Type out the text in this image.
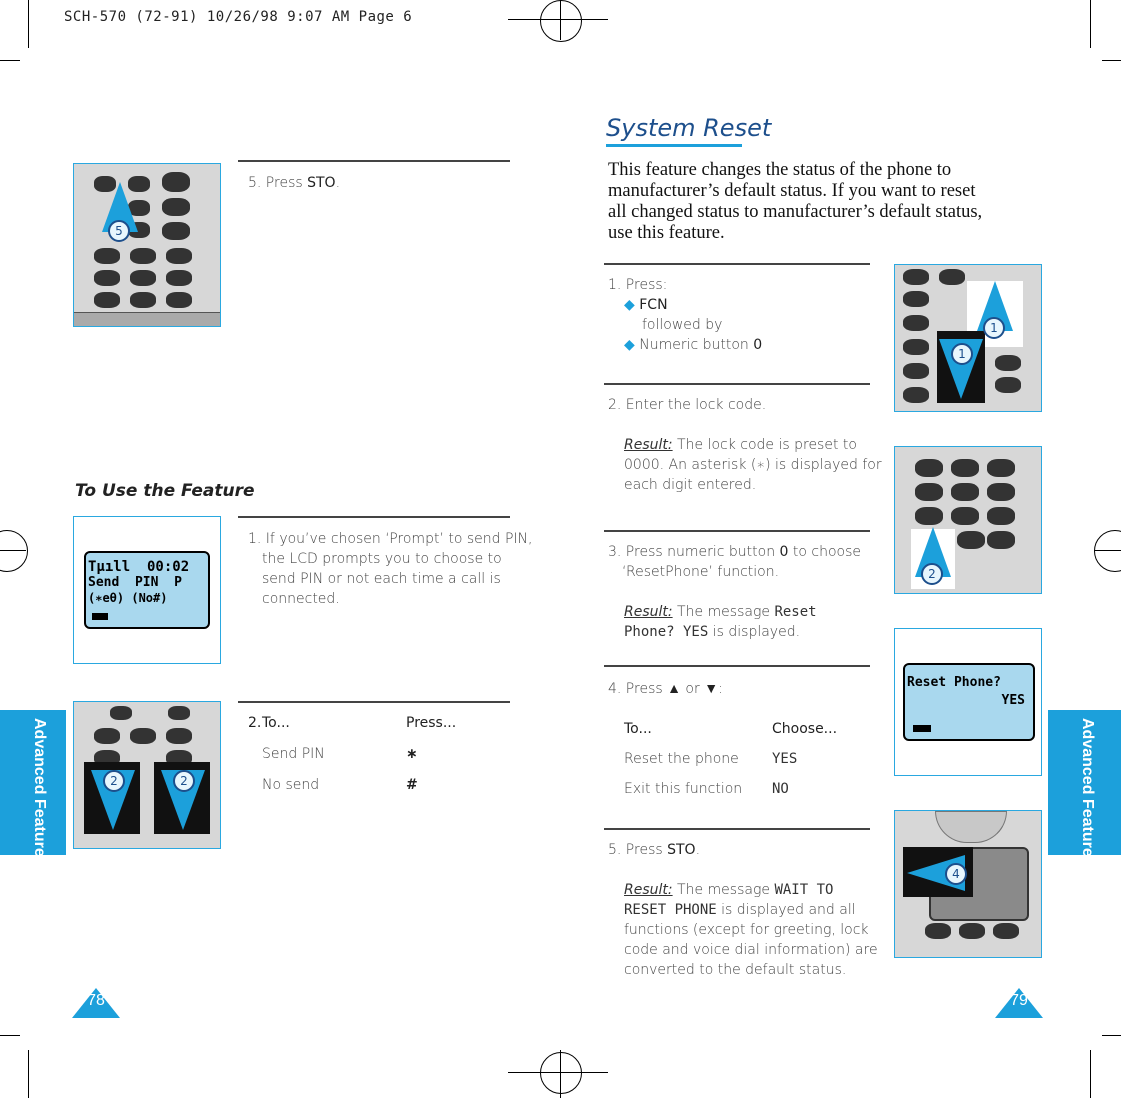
SCH-570 (72-91) 10/26/98 9:07 AM Page 6
5
5. Press STO.
To Use the Feature
Tµıll  00:02
Send  PIN  P
(∗eθ) (No#)
1. If you’ve chosen ‘Prompt’ to send PIN,
the LCD prompts you to choose to
send PIN or not each time a call is
connected.
2	2
2. To...	Press...
Send PIN	∗
No send	#
Advanced Features
78
System Reset
This feature changes the status of the phone to
manufacturer’s default status. If you want to reset
all changed status to manufacturer’s default status,
use this feature.
1. Press:
◆ FCN
followed by
◆ Numeric button 0
1
1
2. Enter the lock code.
Result: The lock code is preset to
0000. An asterisk (∗) is displayed for
each digit entered.
2
3. Press numeric button 0 to choose
‘ResetPhone’ function.
Result: The message Reset
Phone? YES is displayed.
Reset Phone?
YES
4. Press ▲ or ▼:
To...	Choose...
Reset the phone YES
Exit this function NO
5. Press STO.
Result: The message WAIT TO
RESET PHONE is displayed and all
functions (except for greeting, lock
code and voice dial information) are
converted to the default status.
4
Advanced Features
79
